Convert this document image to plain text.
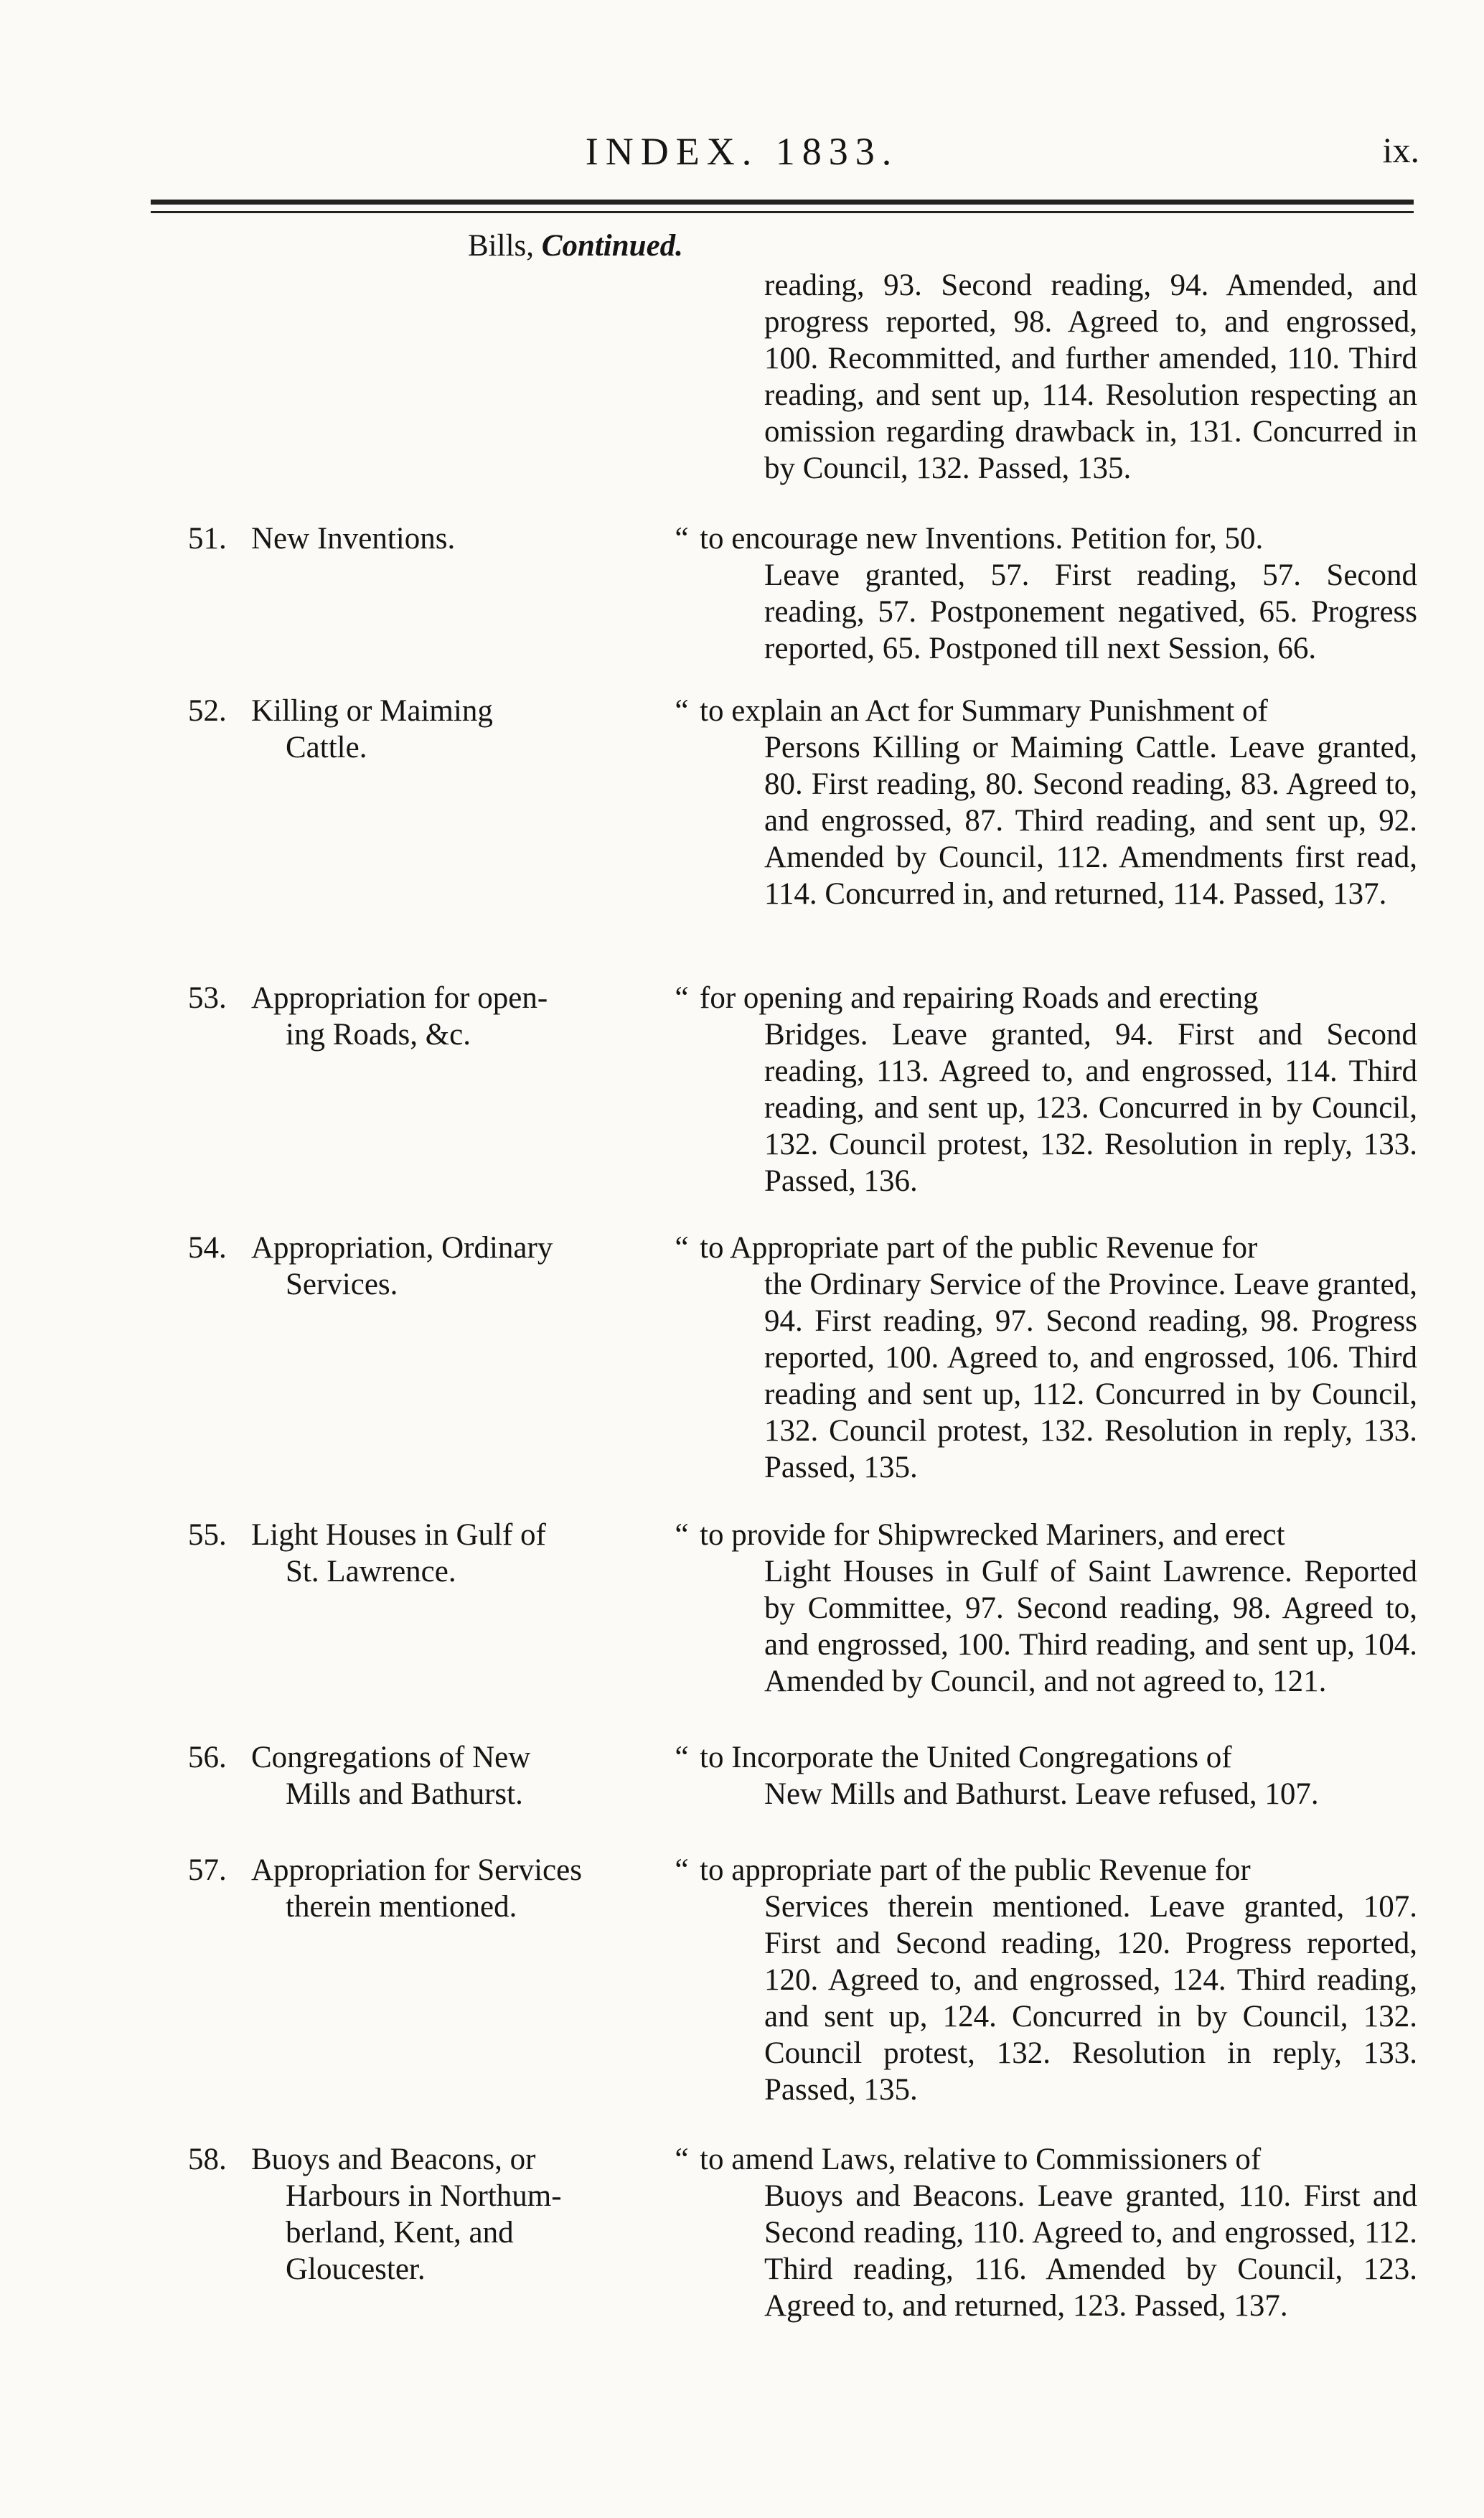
INDEX. 1833.	ix.
Bills, Continued.
reading, 93. Second reading, 94. Amended, and progress reported, 98. Agreed to, and engrossed, 100. Recommitted, and further amended, 110. Third reading, and sent up, 114. Resolution respecting an omission regarding drawback in, 131. Concurred in by Council, 132. Passed, 135.
51. New Inventions.	“ to encourage new Inventions. Petition for, 50.
Leave granted, 57. First reading, 57. Second reading, 57. Postponement negatived, 65. Progress reported, 65. Postponed till next Session, 66.
52. Killing or Maiming
Cattle.
“ to explain an Act for Summary Punishment of
Persons Killing or Maiming Cattle. Leave granted, 80. First reading, 80. Second reading, 83. Agreed to, and engrossed, 87. Third reading, and sent up, 92. Amended by Council, 112. Amendments first read, 114. Concurred in, and returned, 114. Passed, 137.
53. Appropriation for open-
ing Roads, &c.
“ for opening and repairing Roads and erecting
Bridges. Leave granted, 94. First and Second reading, 113. Agreed to, and engrossed, 114. Third reading, and sent up, 123. Concurred in by Council, 132. Council protest, 132. Resolution in reply, 133. Passed, 136.
54. Appropriation, Ordinary
Services.
“ to Appropriate part of the public Revenue for
the Ordinary Service of the Province. Leave granted, 94. First reading, 97. Second reading, 98. Progress reported, 100. Agreed to, and engrossed, 106. Third reading and sent up, 112. Concurred in by Council, 132. Council protest, 132. Resolution in reply, 133. Passed, 135.
55. Light Houses in Gulf of
St. Lawrence.
“ to provide for Shipwrecked Mariners, and erect
Light Houses in Gulf of Saint Lawrence. Reported by Committee, 97. Second reading, 98. Agreed to, and engrossed, 100. Third reading, and sent up, 104. Amended by Council, and not agreed to, 121.
56. Congregations of New
Mills and Bathurst.
“ to Incorporate the United Congregations of
New Mills and Bathurst. Leave refused, 107.
57. Appropriation for Services
therein mentioned.
“ to appropriate part of the public Revenue for
Services therein mentioned. Leave granted, 107. First and Second reading, 120. Progress reported, 120. Agreed to, and engrossed, 124. Third reading, and sent up, 124. Concurred in by Council, 132. Council protest, 132. Resolution in reply, 133. Passed, 135.
58. Buoys and Beacons, or
Harbours in Northum-
berland, Kent, and
Gloucester.
“ to amend Laws, relative to Commissioners of
Buoys and Beacons. Leave granted, 110. First and Second reading, 110. Agreed to, and engrossed, 112. Third reading, 116. Amended by Council, 123. Agreed to, and returned, 123. Passed, 137.
